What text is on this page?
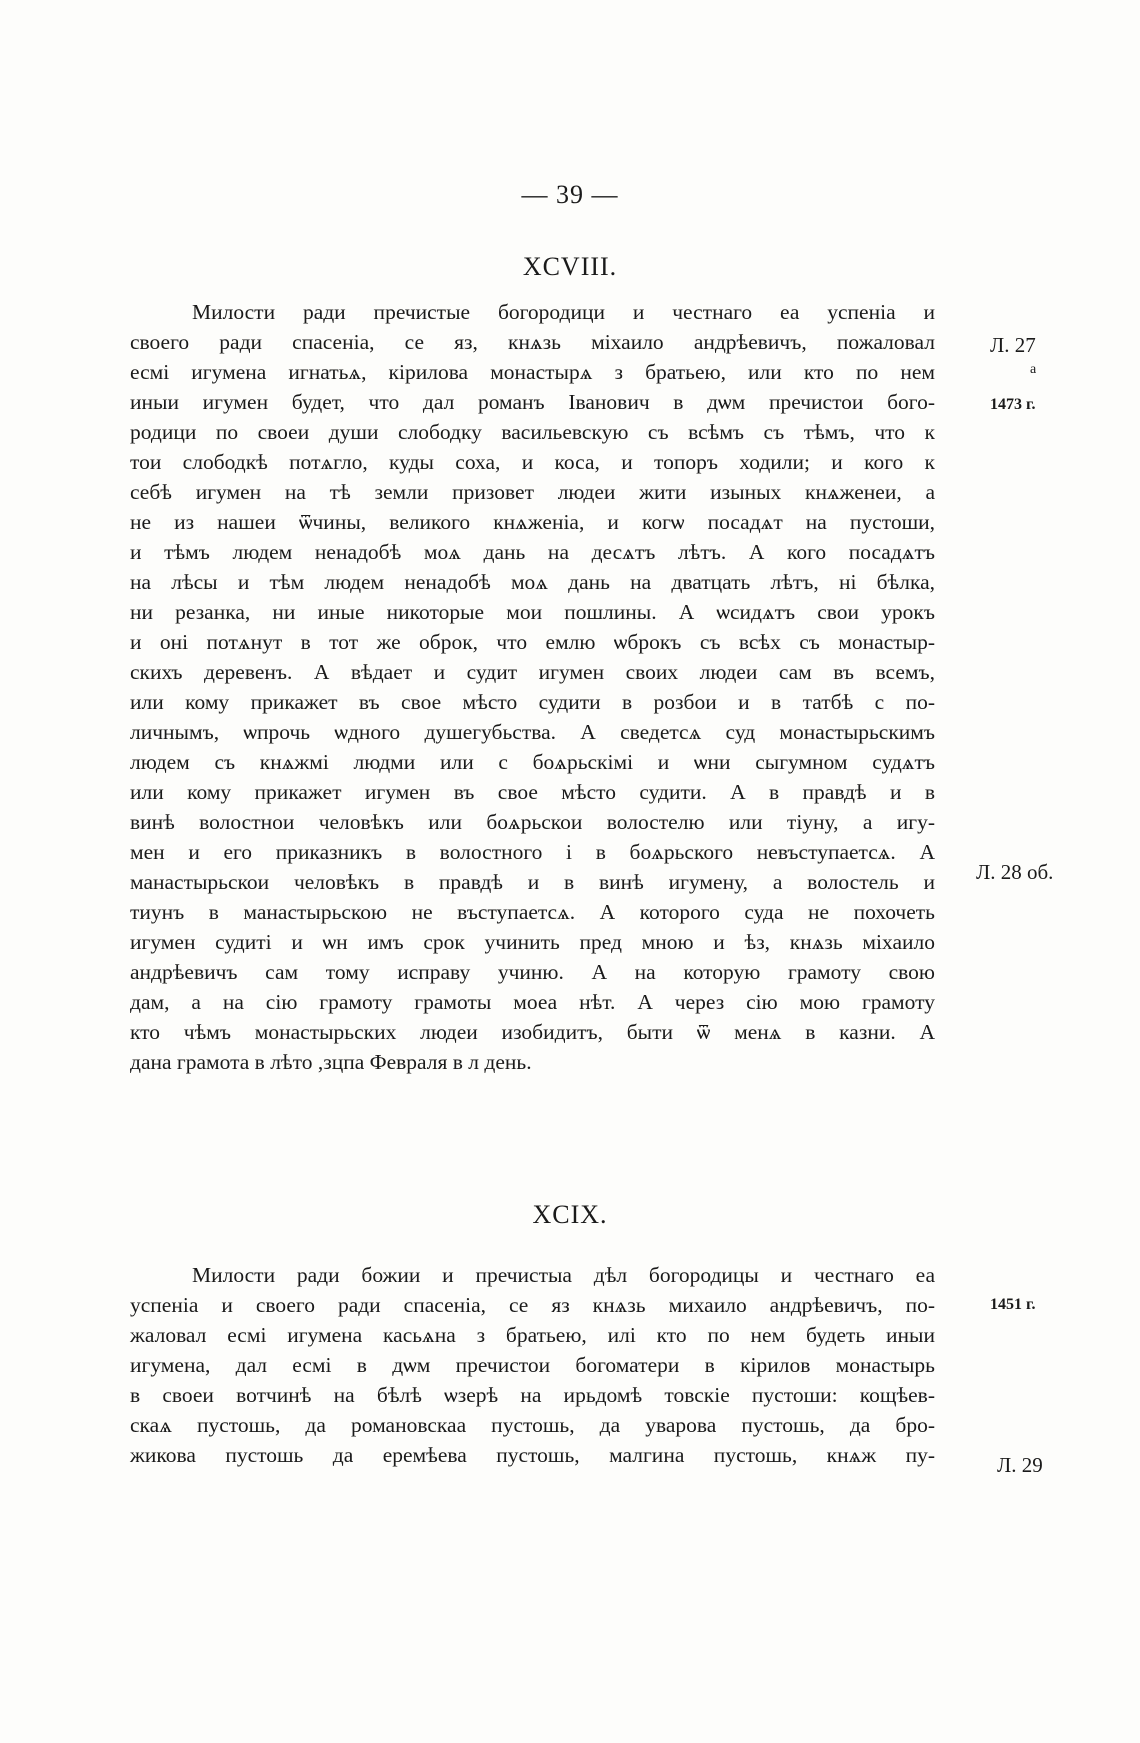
— 39 —
XCVIII.
Милости ради пречистые богородици и честнаго еа успенiа и
своего ради спасенiа, се яз, кнѧзь мiхаило андрѣевичъ, пожаловал
есмi игумена игнатьѧ, кiрилова монастырѧ з братьею, или кто по нем
иныи игумен будет, что дал романъ Iванович в дѡм пречистои бого-
родици по своеи души слободку васильевскую съ всѣмъ съ тѣмъ, что к
тои слободкѣ потѧгло, куды соха, и коса, и топоръ ходили; и кого к
себѣ игумен на тѣ земли призовет людеи жити изыных кнѧженеи, а
не из нашеи ѿчины, великого кнѧженiа, и когѡ посадѧт на пустоши,
и тѣмъ людем ненадобѣ моѧ дань на десѧтъ лѣтъ. А кого посадѧтъ
на лѣсы и тѣм людем ненадобѣ моѧ дань на дватцать лѣтъ, нi бѣлка,
ни резанка, ни иные никоторые мои пошлины. А ѡсидѧтъ свои урокъ
и онi потѧнут в тот же оброк, что емлю ѡброкъ съ всѣх съ монастыр-
скихъ деревенъ. А вѣдает и судит игумен своих людеи сам въ всемъ,
или кому прикажет въ свое мѣсто судити в розбои и в татбѣ с по-
личнымъ, ѡпрочь ѡдного душегубьства. А сведетсѧ суд монастырьскимъ
людем съ кнѧжмi людми или с боѧрьскiмi и ѡни сыгумном судѧтъ
или кому прикажет игумен въ свое мѣсто судити. А в правдѣ и в
винѣ волостнои человѣкъ или боѧрьскои волостелю или тiуну, а игу-
мен и его приказникъ в волостного i в боѧрьского невъступаетсѧ. А
манастырьскои человѣкъ в правдѣ и в винѣ игумену, а волостель и
тиунъ в манастырьскою не въступаетсѧ. А которого суда не похочеть
игумен судитi и ѡн имъ срок учинить пред мною и ѣз, кнѧзь мiхаило
андрѣевичъ сам тому исправу учиню. А на которую грамоту свою
дам, а на сiю грамоту грамоты моеа нѣт. А через сiю мою грамоту
кто чѣмъ монастырьских людеи изобидитъ, быти ѿ менѧ в казни. А
дана грамота в лѣто ,зцпа Февраля в л день.
XCIX.
Милости ради божии и пречистыа дѣл богородицы и честнаго еа
успенiа и своего ради спасенiа, се яз кнѧзь михаило андрѣевичъ, по-
жаловал есмi игумена касьѧна з братьею, илi кто по нем будеть иныи
игумена, дал есмi в дѡм пречистои богоматери в кiрилов монастырь
в своеи вотчинѣ на бѣлѣ ѡзерѣ на ирьдомѣ товскiе пустоши: кощѣев-
скаѧ пустошь, да романовскаа пустошь, да уварова пустошь, да бро-
жикова пустошь да еремѣева пустошь, малгина пустошь, кнѧж пу-
Л. 27
а
1473 г.
Л. 28 об.
1451 г.
Л. 29
